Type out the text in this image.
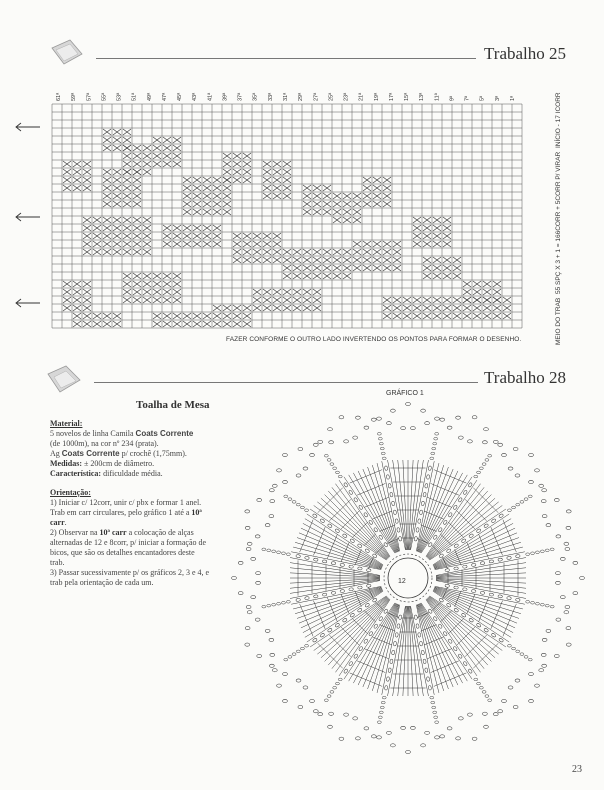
Trabalho 25
61ª 59ª 57ª 55ª 53ª 51ª 49ª 47ª 45ª 43ª 41ª 39ª 37ª 35ª 33ª 31ª 29ª 27ª 25ª 23ª 21ª 19ª 17ª 15ª 13ª 11ª 9ª 7ª 5ª 3ª 1ª
FAZER CONFORME O OUTRO LADO INVERTENDO OS PONTOS PARA FORMAR O DESENHO.
INÍCIO - 17 ICORR
55 SPÇ X 3 + 1 = 166CORR + 5CORR P/ VIRAR
MEIO DO TRAB
Trabalho 28
Toalha de Mesa

Material:

5 novelos de linha Camila Coats Corrente

(de 1000m), na cor nº 234 (prata).

Ag Coats Corrente p/ crochê (1,75mm).

Medidas: ± 200cm de diâmetro.

Característica: dificuldade média.

Orientação:

1) Iniciar c/ 12corr, unir c/ pbx e formar 1 anel. Trab em carr circulares, pelo gráfico 1 até a 10ª carr.

2) Observar na 10ª carr a colocação de alças alternadas de 12 e 8corr, p/ iniciar a formação de bicos, que são os detalhes encantadores deste trab.

3) Passar sucessivamente p/ os gráficos 2, 3 e 4, e trab pela orientação de cada um.

GRÁFICO 1
12
23
